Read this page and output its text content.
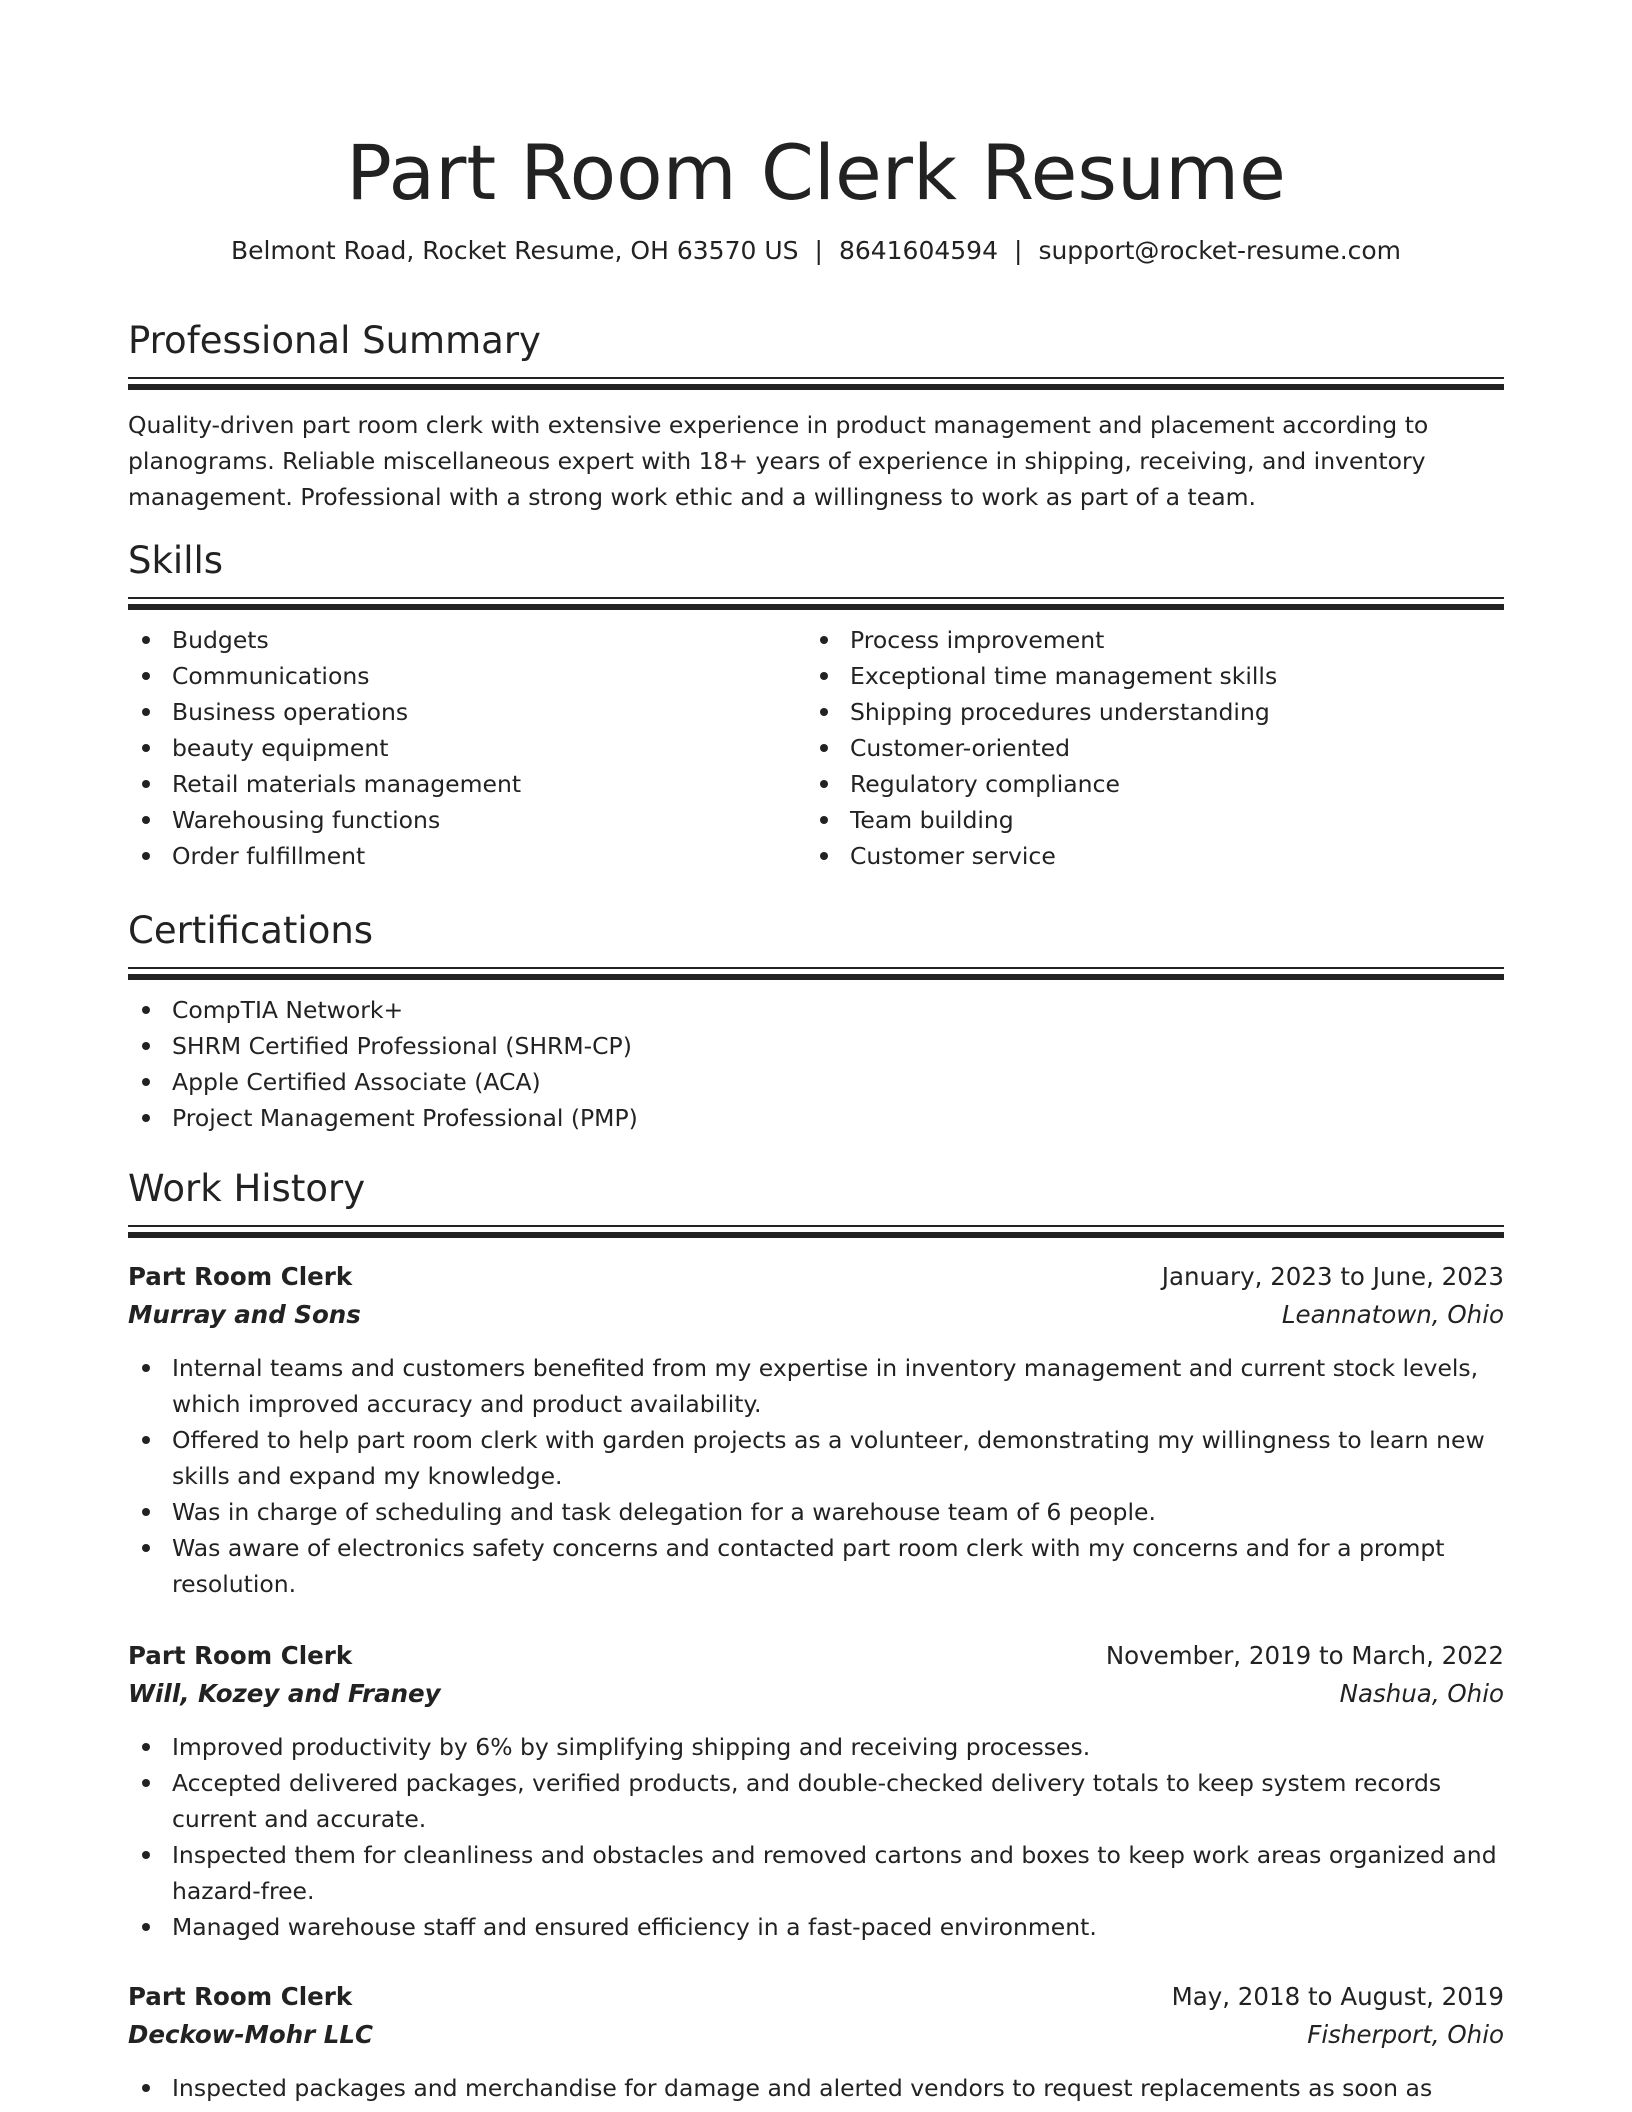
Part Room Clerk Resume
Belmont Road, Rocket Resume, OH 63570 US | 8641604594 | support@rocket-resume.com
Professional Summary
Quality-driven part room clerk with extensive experience in product management and placement according to planograms. Reliable miscellaneous expert with 18+ years of experience in shipping, receiving, and inventory management. Professional with a strong work ethic and a willingness to work as part of a team.
Skills
Budgets
Communications
Business operations
beauty equipment
Retail materials management
Warehousing functions
Order fulfillment
Process improvement
Exceptional time management skills
Shipping procedures understanding
Customer-oriented
Regulatory compliance
Team building
Customer service
Certifications
CompTIA Network+
SHRM Certified Professional (SHRM-CP)
Apple Certified Associate (ACA)
Project Management Professional (PMP)
Work History
Part Room Clerk	January, 2023 to June, 2023
Murray and Sons	Leannatown, Ohio
Internal teams and customers benefited from my expertise in inventory management and current stock levels, which improved accuracy and product availability.
Offered to help part room clerk with garden projects as a volunteer, demonstrating my willingness to learn new skills and expand my knowledge.
Was in charge of scheduling and task delegation for a warehouse team of 6 people.
Was aware of electronics safety concerns and contacted part room clerk with my concerns and for a prompt resolution.
Part Room Clerk	November, 2019 to March, 2022
Will, Kozey and Franey	Nashua, Ohio
Improved productivity by 6% by simplifying shipping and receiving processes.
Accepted delivered packages, verified products, and double-checked delivery totals to keep system records current and accurate.
Inspected them for cleanliness and obstacles and removed cartons and boxes to keep work areas organized and hazard-free.
Managed warehouse staff and ensured efficiency in a fast-paced environment.
Part Room Clerk	May, 2018 to August, 2019
Deckow-Mohr LLC	Fisherport, Ohio
Inspected packages and merchandise for damage and alerted vendors to request replacements as soon as
